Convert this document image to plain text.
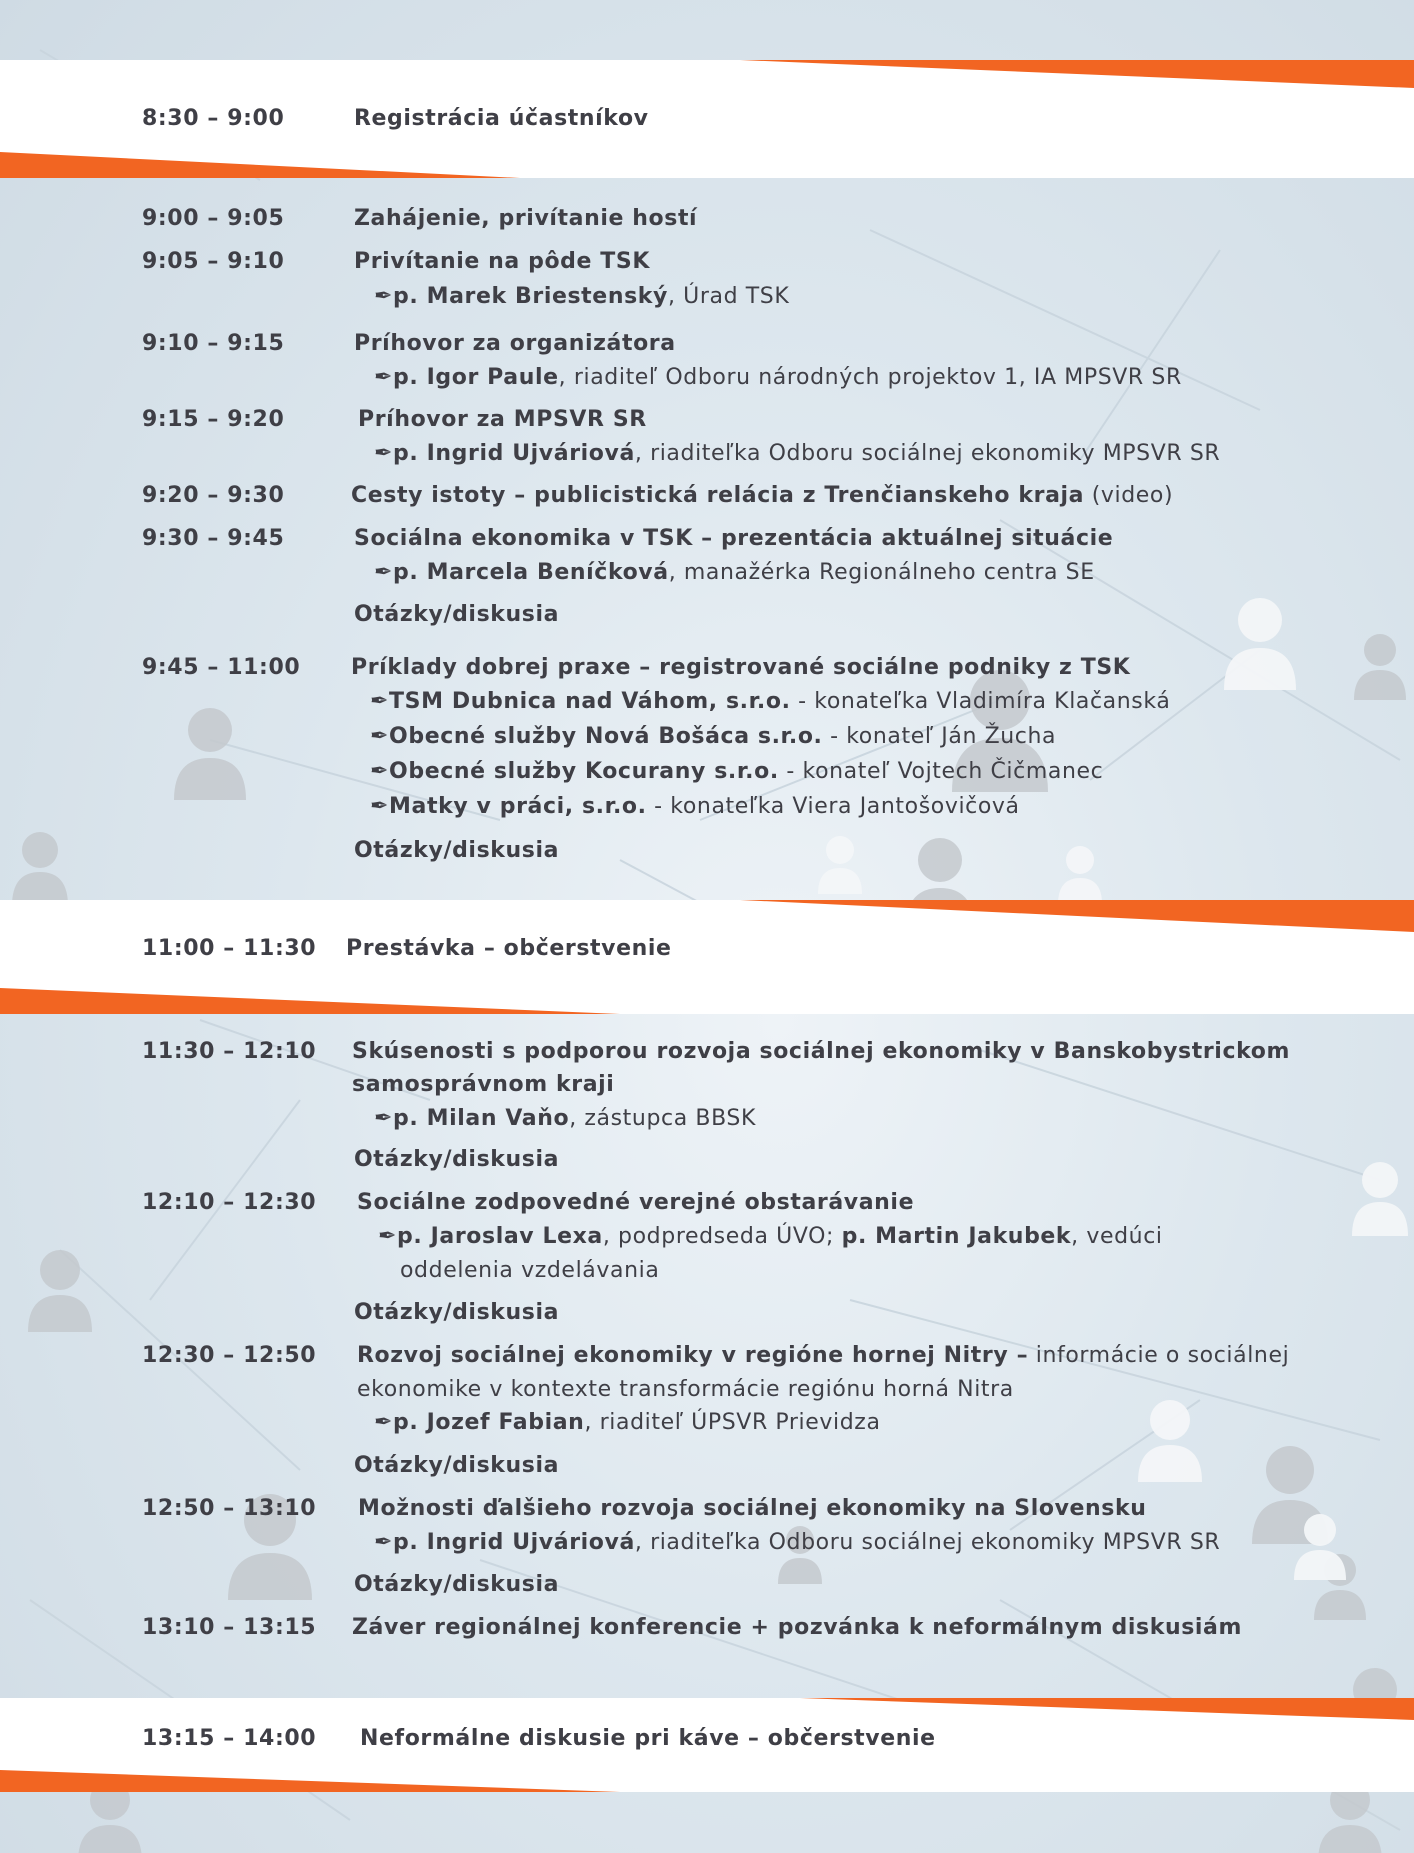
8:30 – 9:00	Registrácia účastníkov
11:00 – 11:30 Prestávka – občerstvenie
13:15 – 14:00 Neformálne diskusie pri káve – občerstvenie
9:00 – 9:05	Zahájenie, privítanie hostí
9:05 – 9:10	Privítanie na pôde TSK
✒p. Marek Briestenský, Úrad TSK
9:10 – 9:15	Príhovor za organizátora
✒p. Igor Paule, riaditeľ Odboru národných projektov 1, IA MPSVR SR
9:15 – 9:20	Príhovor za MPSVR SR
✒p. Ingrid Ujváriová, riaditeľka Odboru sociálnej ekonomiky MPSVR SR
9:20 – 9:30	Cesty istoty – publicistická relácia z Trenčianskeho kraja (video)
9:30 – 9:45	Sociálna ekonomika v TSK – prezentácia aktuálnej situácie
✒p. Marcela Beníčková, manažérka Regionálneho centra SE
Otázky/diskusia
9:45 – 11:00 Príklady dobrej praxe – registrované sociálne podniky z TSK
✒TSM Dubnica nad Váhom, s.r.o. - konateľka Vladimíra Klačanská
✒Obecné služby Nová Bošáca s.r.o. - konateľ Ján Žucha
✒Obecné služby Kocurany s.r.o. - konateľ Vojtech Čičmanec
✒Matky v práci, s.r.o. - konateľka Viera Jantošovičová
Otázky/diskusia
11:30 – 12:10 Skúsenosti s podporou rozvoja sociálnej ekonomiky v Banskobystrickom
samosprávnom kraji
✒p. Milan Vaňo, zástupca BBSK
Otázky/diskusia
12:10 – 12:30 Sociálne zodpovedné verejné obstarávanie
✒p. Jaroslav Lexa, podpredseda ÚVO; p. Martin Jakubek, vedúci
oddelenia vzdelávania
Otázky/diskusia
12:30 – 12:50 Rozvoj sociálnej ekonomiky v regióne hornej Nitry – informácie o sociálnej
ekonomike v kontexte transformácie regiónu horná Nitra
✒p. Jozef Fabian, riaditeľ ÚPSVR Prievidza
Otázky/diskusia
12:50 – 13:10 Možnosti ďalšieho rozvoja sociálnej ekonomiky na Slovensku
✒p. Ingrid Ujváriová, riaditeľka Odboru sociálnej ekonomiky MPSVR SR
Otázky/diskusia
13:10 – 13:15 Záver regionálnej konferencie + pozvánka k neformálnym diskusiám
